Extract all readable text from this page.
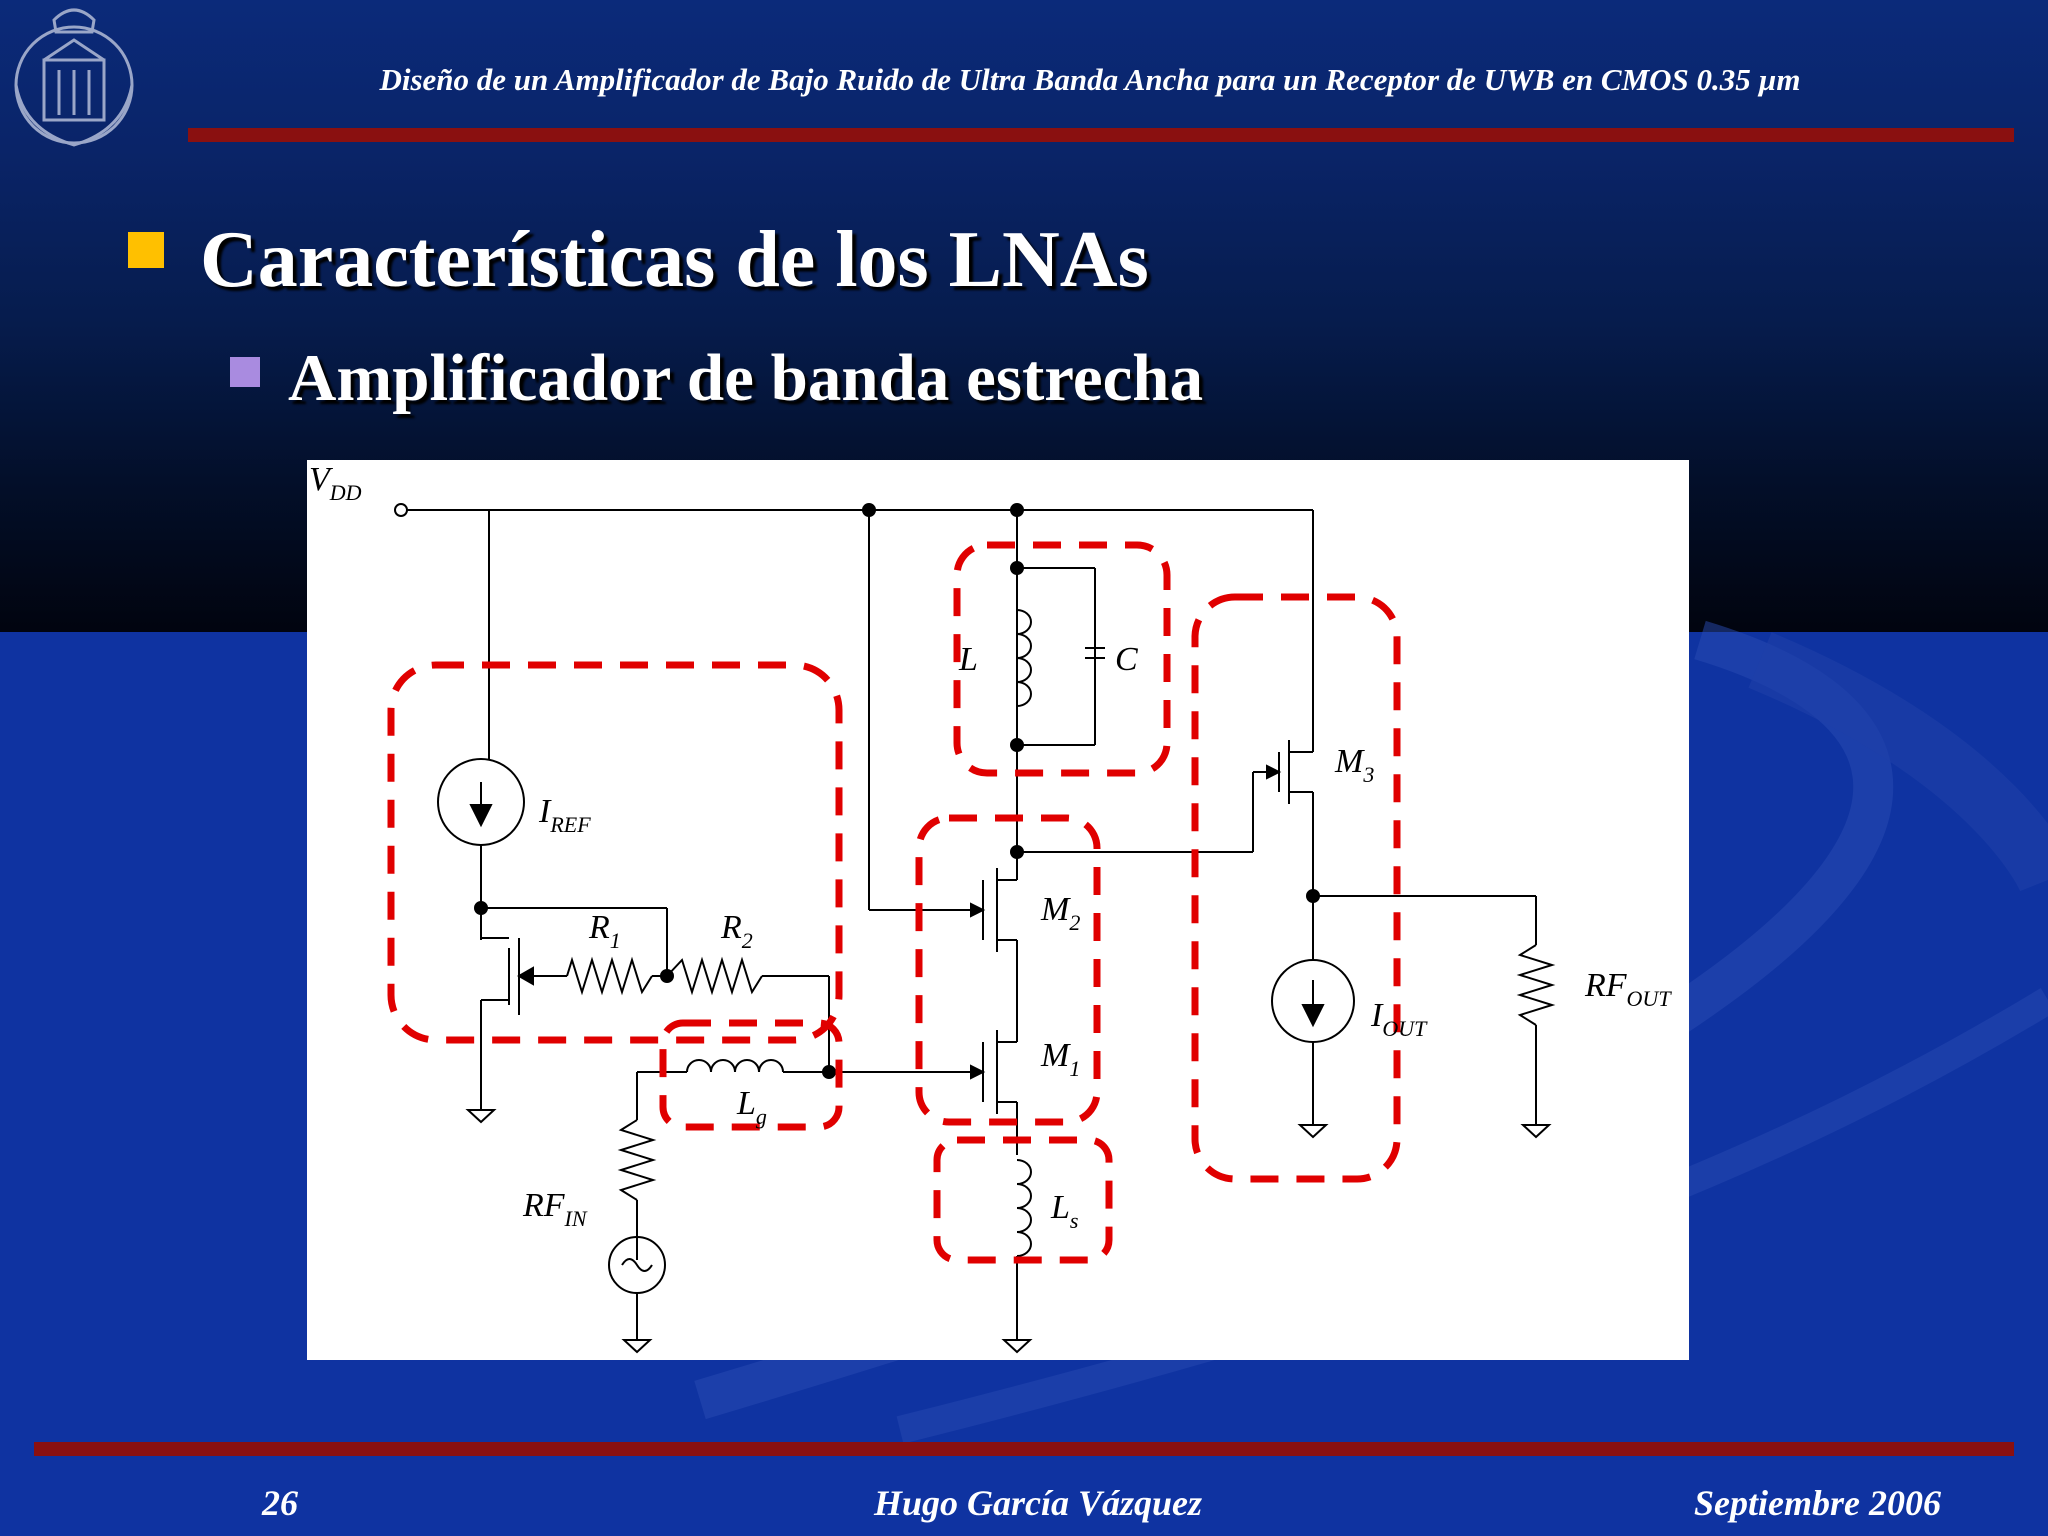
Diseño de un Amplificador de Bajo Ruido de Ultra Banda Ancha para un Receptor de UWB en CMOS 0.35 µm
Características de los LNAs
Amplificador de banda estrecha
$V_{DD}$
$I_{REF}$
$R_1$	$R_2$
$L_g$
$RF_{IN}$
L	C
$M_2$
$M_1$
$M_3$
$L_s$
$I_{OUT}$
$RF_{OUT}$
26	Hugo García Vázquez	Septiembre 2006
